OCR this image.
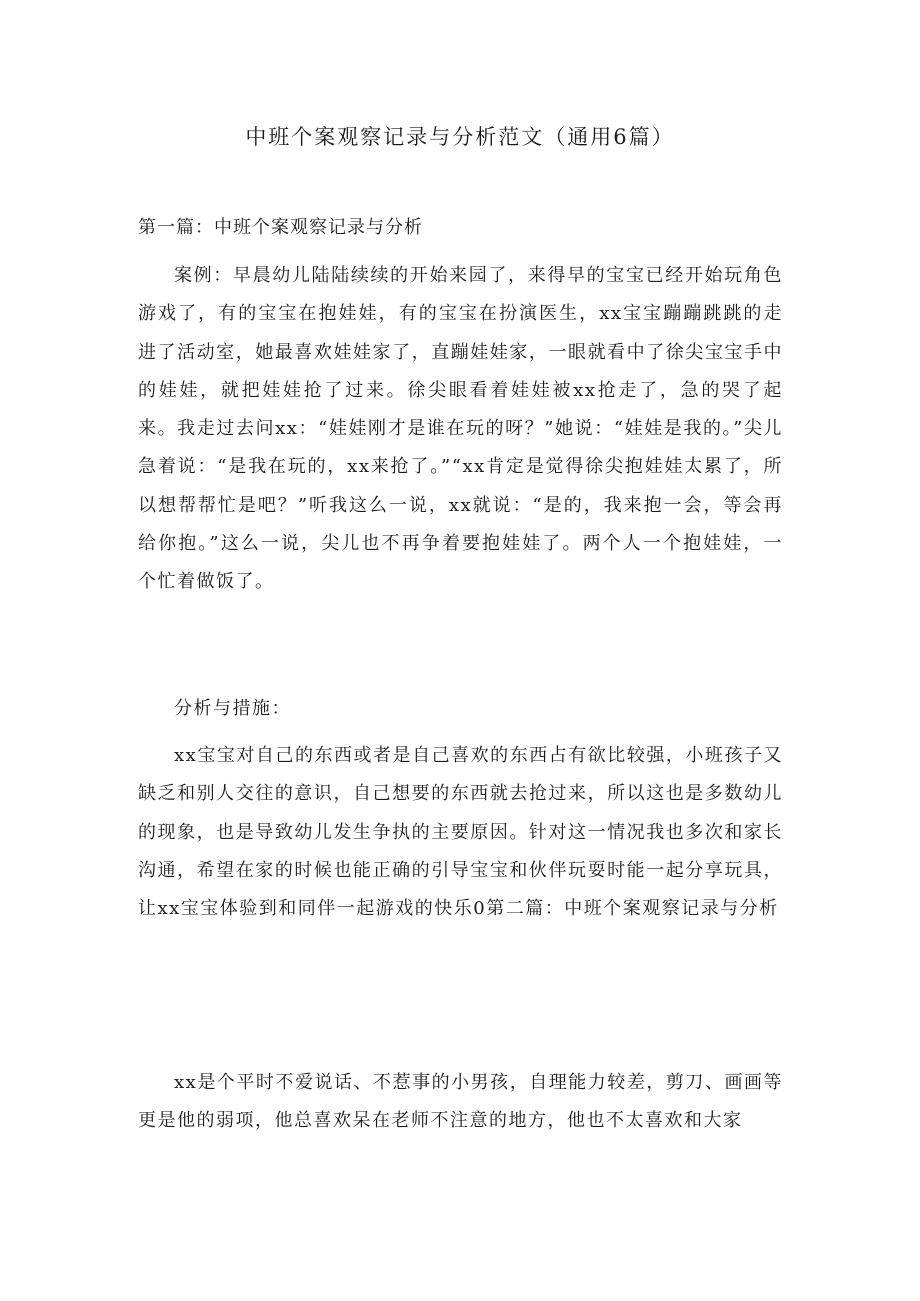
中班个案观察记录与分析范文（通用6篇）
第一篇：中班个案观察记录与分析

案例：早晨幼儿陆陆续续的开始来园了，来得早的宝宝已经开始玩角色游戏了，有的宝宝在抱娃娃，有的宝宝在扮演医生，xx宝宝蹦蹦跳跳的走进了活动室，她最喜欢娃娃家了，直蹦娃娃家，一眼就看中了徐尖宝宝手中的娃娃，就把娃娃抢了过来。徐尖眼看着娃娃被xx抢走了，急的哭了起来。我走过去问xx：“娃娃刚才是谁在玩的呀？”她说：“娃娃是我的。”尖儿急着说：“是我在玩的，xx来抢了。”“xx肯定是觉得徐尖抱娃娃太累了，所以想帮帮忙是吧？”听我这么一说，xx就说：“是的，我来抱一会，等会再给你抱。”这么一说，尖儿也不再争着要抱娃娃了。两个人一个抱娃娃，一个忙着做饭了。

分析与措施：

xx宝宝对自己的东西或者是自己喜欢的东西占有欲比较强，小班孩子又缺乏和别人交往的意识，自己想要的东西就去抢过来，所以这也是多数幼儿的现象，也是导致幼儿发生争执的主要原因。针对这一情况我也多次和家长沟通，希望在家的时候也能正确的引导宝宝和伙伴玩耍时能一起分享玩具，让xx宝宝体验到和同伴一起游戏的快乐0第二篇：中班个案观察记录与分析

xx是个平时不爱说话、不惹事的小男孩，自理能力较差，剪刀、画画等更是他的弱项，他总喜欢呆在老师不注意的地方，他也不太喜欢和大家
